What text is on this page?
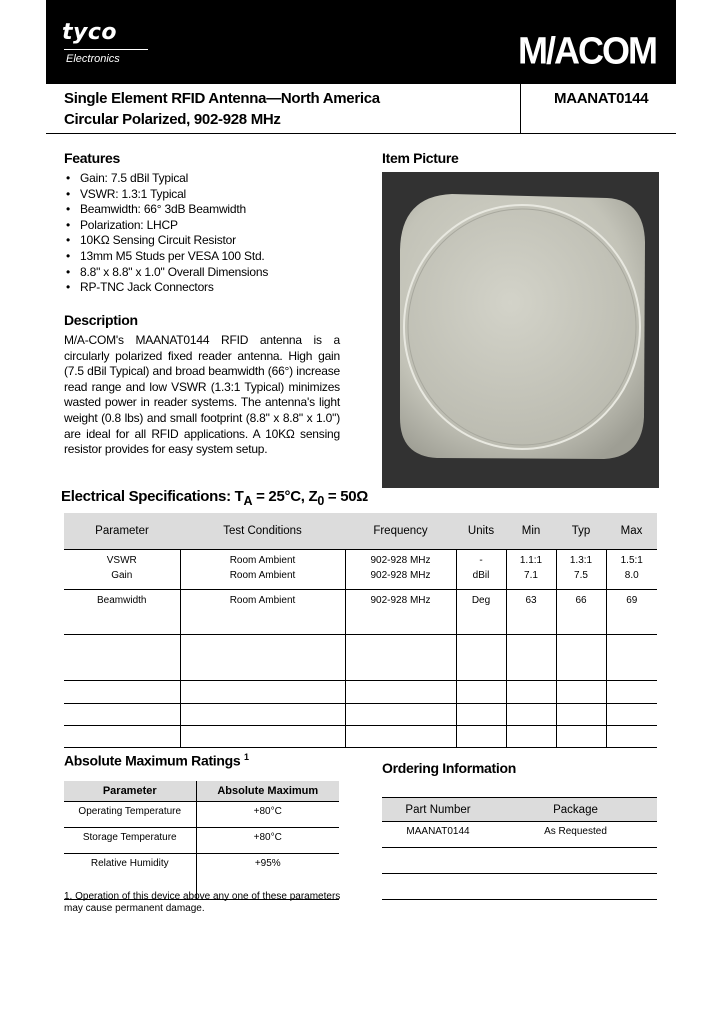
tyco
Electronics	M/ACOM
Single Element RFID Antenna—North America
Circular Polarized, 902-928 MHz
MAANAT0144
Features
• Gain: 7.5 dBil Typical
• VSWR: 1.3:1 Typical
• Beamwidth: 66° 3dB Beamwidth
• Polarization: LHCP
• 10KΩ Sensing Circuit Resistor
• 13mm M5 Studs per VESA 100 Std.
• 8.8" x 8.8" x 1.0" Overall Dimensions
• RP-TNC Jack Connectors
Description
M/A-COM's MAANAT0144 RFID antenna is a circularly polarized fixed reader antenna. High gain (7.5 dBil Typical) and broad beamwidth (66°) increase read range and low VSWR (1.3:1 Typical) minimizes wasted power in reader systems. The antenna's light weight (0.8 lbs) and small footprint (8.8" x 8.8" x 1.0") are ideal for all RFID applications. A 10KΩ sensing resistor provides for easy system setup.
Item Picture
Electrical Specifications: $T_A = 25^\circ C$, $Z_0 = 50\Omega$
Parameter	Test Conditions	Frequency	Units	Min	Typ	Max
VSWR	Room Ambient	902-928 MHz	-	1.1:1	1.3:1	1.5:1
Gain	Room Ambient	902-928 MHz	dBil	7.1	7.5	8.0
Beamwidth	Room Ambient	902-928 MHz	Deg	63	66	69

Absolute Maximum Ratings $^1$
Parameter	Absolute Maximum
Operating Temperature	+80°C
Storage Temperature	+80°C
Relative Humidity	+95%
1. Operation of this device above any one of these parameters may cause permanent damage.
Ordering Information
Part Number	Package
MAANAT0144	As Requested
